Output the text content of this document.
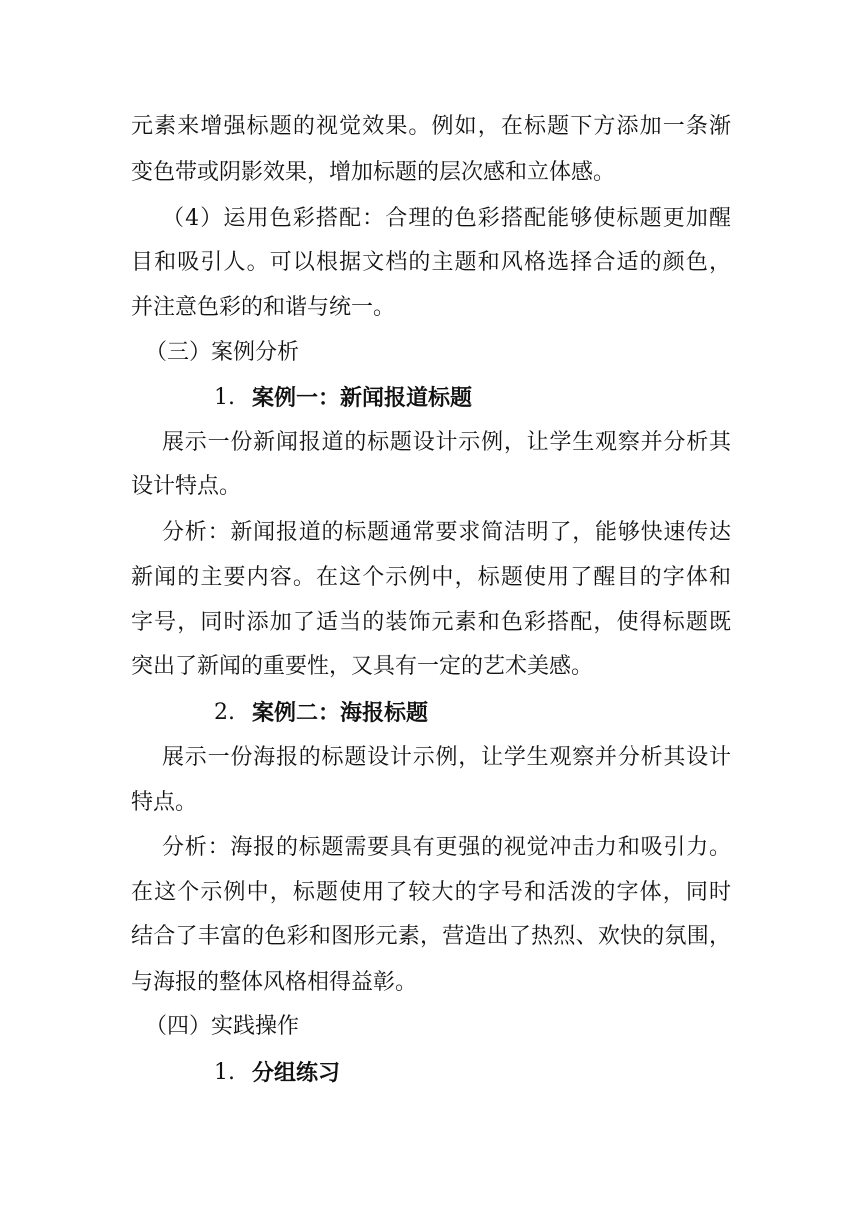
元素来增强标题的视觉效果。例如，在标题下方添加一条渐
变色带或阴影效果，增加标题的层次感和立体感。
（4）运用色彩搭配：合理的色彩搭配能够使标题更加醒
目和吸引人。可以根据文档的主题和风格选择合适的颜色，
并注意色彩的和谐与统一。
（三）案例分析
1. 案例一：新闻报道标题
展示一份新闻报道的标题设计示例，让学生观察并分析其
设计特点。
分析：新闻报道的标题通常要求简洁明了，能够快速传达
新闻的主要内容。在这个示例中，标题使用了醒目的字体和
字号，同时添加了适当的装饰元素和色彩搭配，使得标题既
突出了新闻的重要性，又具有一定的艺术美感。
2. 案例二：海报标题
展示一份海报的标题设计示例，让学生观察并分析其设计
特点。
分析：海报的标题需要具有更强的视觉冲击力和吸引力。
在这个示例中，标题使用了较大的字号和活泼的字体，同时
结合了丰富的色彩和图形元素，营造出了热烈、欢快的氛围，
与海报的整体风格相得益彰。
（四）实践操作
1. 分组练习
